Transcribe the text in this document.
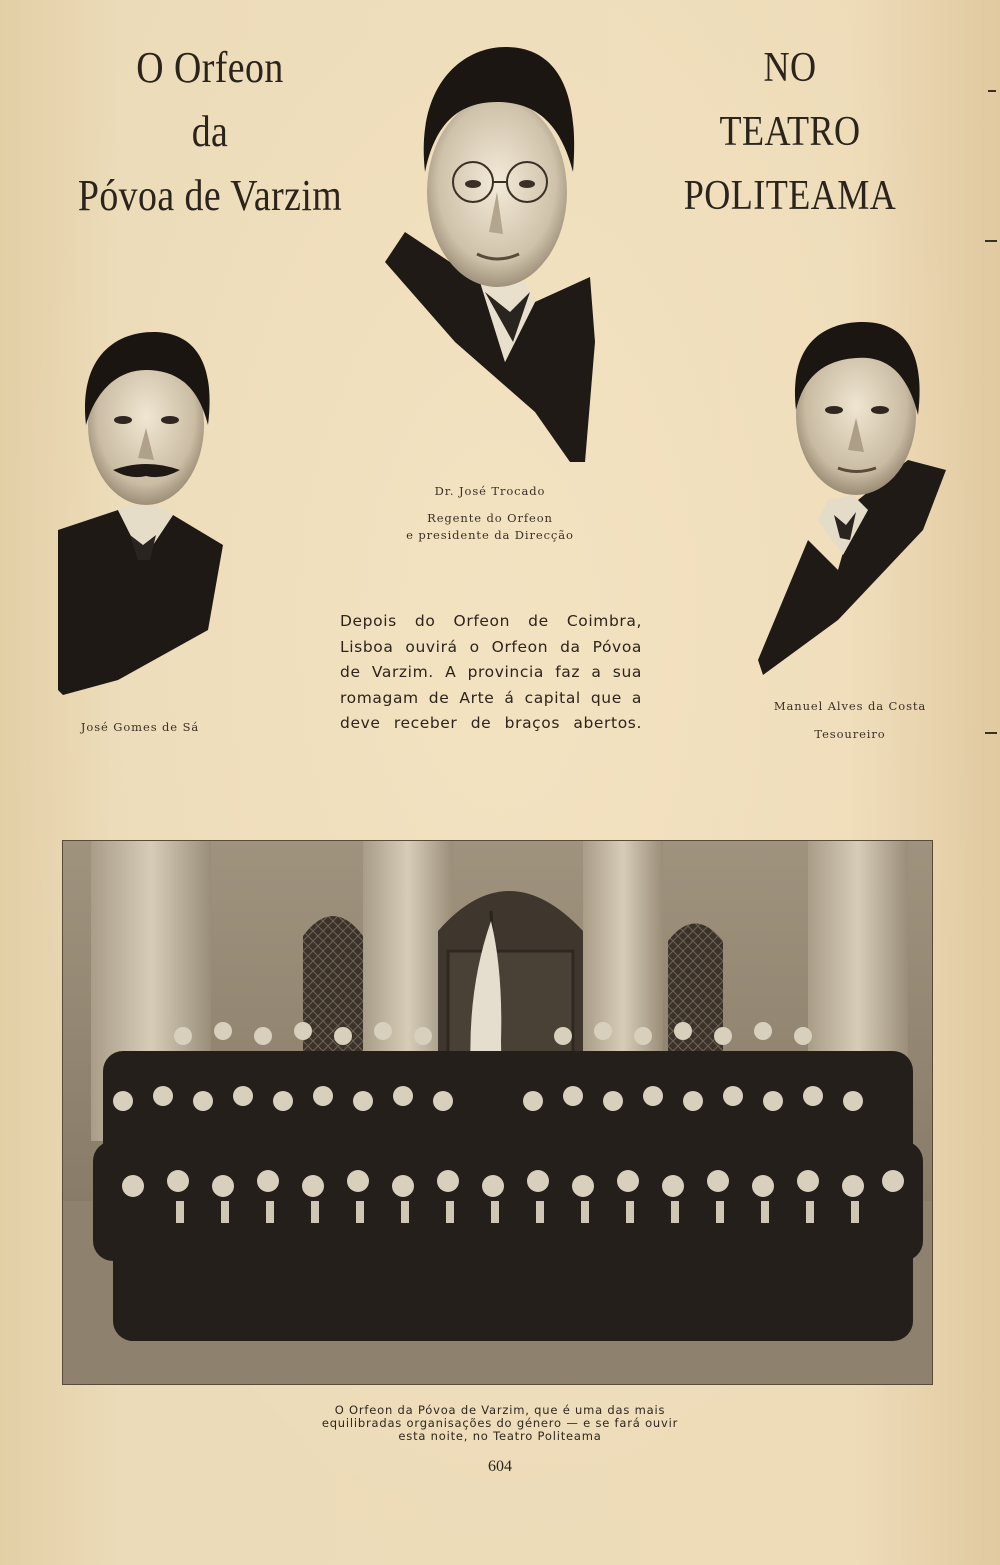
O Orfeon
da
Póvoa de Varzim
NO
TEATRO
POLITEAMA
Dr. José Trocado
Regente do Orfeon
e presidente da Direcção
José Gomes de Sá
Manuel Alves da Costa
Tesoureiro
Depois do Orfeon de Coimbra,
Lisboa ouvirá o Orfeon da Póvoa
de Varzim. A provincia faz a sua
romagam de Arte á capital que a
deve receber de braços abertos.
O Orfeon da Póvoa de Varzim, que é uma das mais
equilibradas organisações do género — e se fará ouvir
esta noite, no Teatro Politeama
604
